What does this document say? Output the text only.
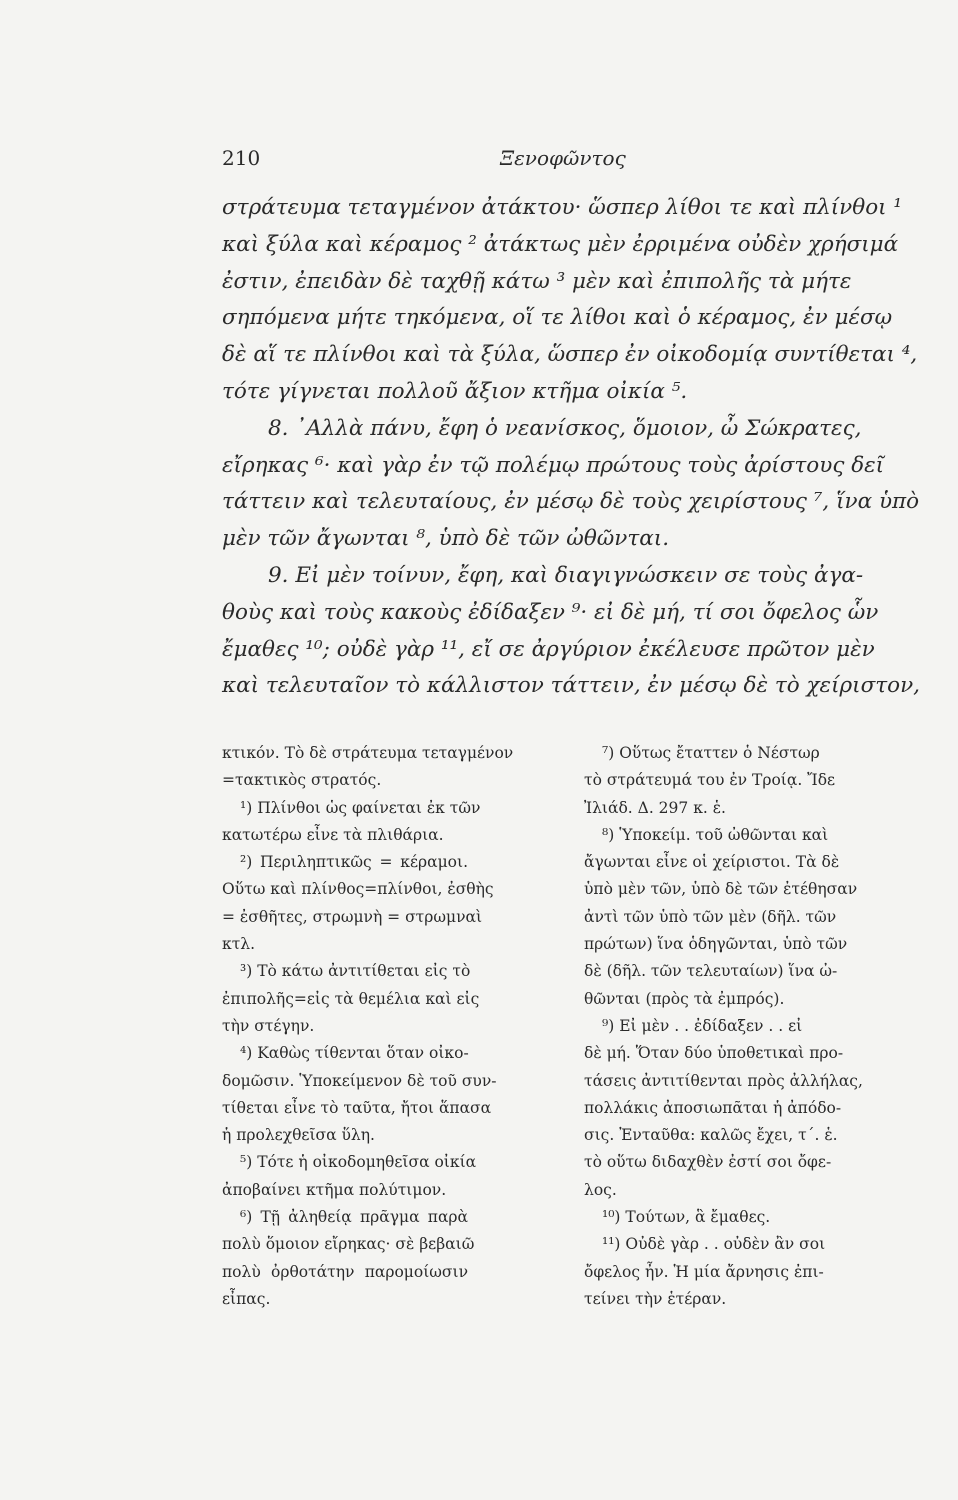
210	Ξενοφῶντος
στράτευμα τεταγμένον ἀτάκτου· ὥσπερ λίθοι τε καὶ πλίνθοι ¹
καὶ ξύλα καὶ κέραμος ² ἀτάκτως μὲν ἐρριμένα οὐδὲν χρήσιμά
ἐστιν, ἐπειδὰν δὲ ταχθῇ κάτω ³ μὲν καὶ ἐπιπολῆς τὰ μήτε
σηπόμενα μήτε τηκόμενα, οἵ τε λίθοι καὶ ὁ κέραμος, ἐν μέσῳ
δὲ αἵ τε πλίνθοι καὶ τὰ ξύλα, ὥσπερ ἐν οἰκοδομίᾳ συντίθεται ⁴,
τότε γίγνεται πολλοῦ ἄξιον κτῆμα οἰκία ⁵.
8. ᾿Αλλὰ πάνυ, ἔφη ὁ νεανίσκος, ὅμοιον, ὦ Σώκρατες,
εἴρηκας ⁶· καὶ γὰρ ἐν τῷ πολέμῳ πρώτους τοὺς ἀρίστους δεῖ
τάττειν καὶ τελευταίους, ἐν μέσῳ δὲ τοὺς χειρίστους ⁷, ἵνα ὑπὸ
μὲν τῶν ἄγωνται ⁸, ὑπὸ δὲ τῶν ὠθῶνται.
9. Εἰ μὲν τοίνυν, ἔφη, καὶ διαγιγνώσκειν σε τοὺς ἀγα-
θοὺς καὶ τοὺς κακοὺς ἐδίδαξεν ⁹· εἰ δὲ μή, τί σοι ὄφελος ὧν
ἔμαθες ¹⁰; οὐδὲ γὰρ ¹¹, εἴ σε ἀργύριον ἐκέλευσε πρῶτον μὲν
καὶ τελευταῖον τὸ κάλλιστον τάττειν, ἐν μέσῳ δὲ τὸ χείριστον,
κτικόν. Τὸ δὲ στράτευμα τεταγμένον
=τακτικὸς στρατός.
¹) Πλίνθοι ὡς φαίνεται ἐκ τῶν
κατωτέρω εἶνε τὰ πλιθάρια.
²) Περιληπτικῶς = κέραμοι.
Οὕτω καὶ πλίνθος=πλίνθοι, ἐσθὴς
= ἐσθῆτες, στρωμνὴ = στρωμναὶ
κτλ.
³) Τὸ κάτω ἀντιτίθεται εἰς τὸ
ἐπιπολῆς=εἰς τὰ θεμέλια καὶ εἰς
τὴν στέγην.
⁴) Καθὼς τίθενται ὅταν οἰκο-
δομῶσιν. Ὑποκείμενον δὲ τοῦ συν-
τίθεται εἶνε τὸ ταῦτα, ἤτοι ἅπασα
ἡ προλεχθεῖσα ὕλη.
⁵) Τότε ἡ οἰκοδομηθεῖσα οἰκία
ἀποβαίνει κτῆμα πολύτιμον.
⁶) Τῇ ἀληθείᾳ πρᾶγμα παρὰ
πολὺ ὅμοιον εἴρηκας· σὲ βεβαιῶ
πολὺ ὀρθοτάτην παρομοίωσιν
εἶπας.
⁷) Οὕτως ἔταττεν ὁ Νέστωρ
τὸ στράτευμά του ἐν Τροίᾳ. Ἴδε
Ἰλιάδ. Δ. 297 κ. ἑ.
⁸) Ὑποκείμ. τοῦ ὠθῶνται καὶ
ἄγωνται εἶνε οἱ χείριστοι. Τὰ δὲ
ὑπὸ μὲν τῶν, ὑπὸ δὲ τῶν ἐτέθησαν
ἀντὶ τῶν ὑπὸ τῶν μὲν (δῆλ. τῶν
πρώτων) ἵνα ὁδηγῶνται, ὑπὸ τῶν
δὲ (δῆλ. τῶν τελευταίων) ἵνα ὠ-
θῶνται (πρὸς τὰ ἐμπρός).
⁹) Εἰ μὲν . . ἐδίδαξεν . . εἰ
δὲ μή. Ὅταν δύο ὑποθετικαὶ προ-
τάσεις ἀντιτίθενται πρὸς ἀλλήλας,
πολλάκις ἀποσιωπᾶται ἡ ἀπόδο-
σις. Ἐνταῦθα: καλῶς ἔχει, τ΄. ἑ.
τὸ οὕτω διδαχθὲν ἐστί σοι ὄφε-
λος.
¹⁰) Τούτων, ἃ ἔμαθες.
¹¹) Οὐδὲ γὰρ . . οὐδὲν ἂν σοι
ὄφελος ἦν. Ἡ μία ἄρνησις ἐπι-
τείνει τὴν ἑτέραν.
